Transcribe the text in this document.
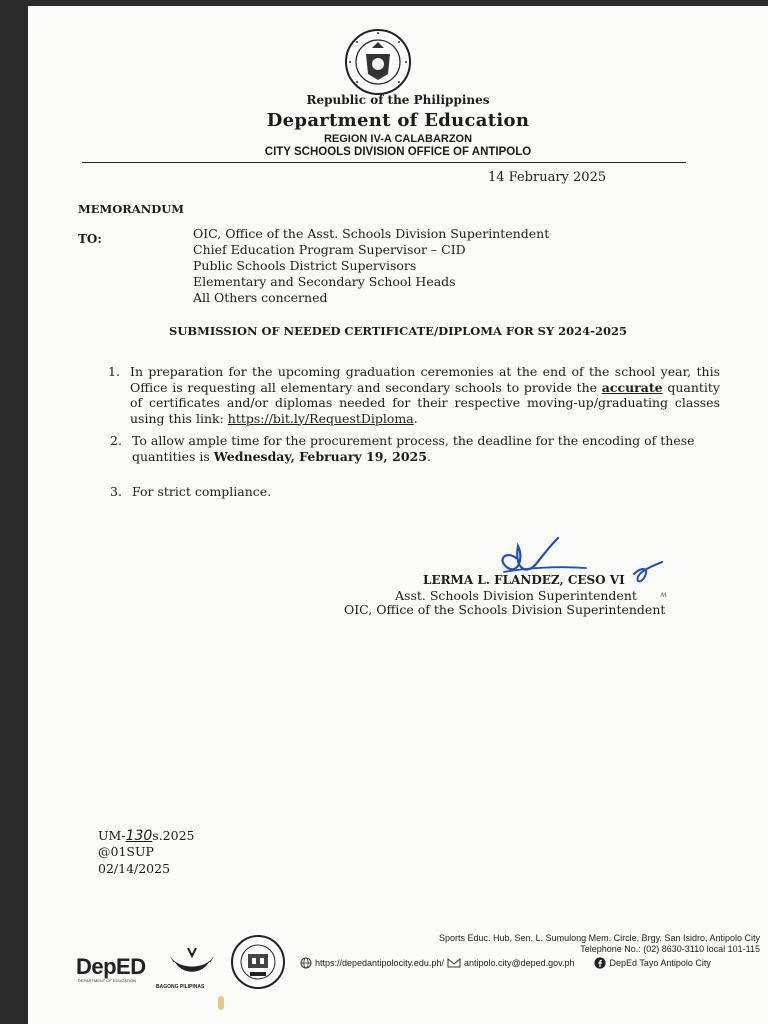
Republic of the Philippines
Department of Education
REGION IV-A CALABARZON
CITY SCHOOLS DIVISION OFFICE OF ANTIPOLO
14 February 2025
MEMORANDUM
TO:	OIC, Office of the Asst. Schools Division Superintendent
Chief Education Program Supervisor – CID
Public Schools District Supervisors
Elementary and Secondary School Heads
All Others concerned
SUBMISSION OF NEEDED CERTIFICATE/DIPLOMA FOR SY 2024-2025
1. In preparation for the upcoming graduation ceremonies at the end of the school year, this Office is requesting all elementary and secondary schools to provide the accurate quantity of certificates and/or diplomas needed for their respective moving-up/graduating classes using this link: https://bit.ly/RequestDiploma.
2. To allow ample time for the procurement process, the deadline for the encoding of these quantities is Wednesday, February 19, 2025.
3. For strict compliance.
LERMA L. FLANDEZ, CESO VI
Asst. Schools Division Superintendent	ʍ
OIC, Office of the Schools Division Superintendent
UM-130s.2025
@01SUP
02/14/2025
DepED
DEPARTMENT OF EDUCATION
BAGONG PILIPINAS
Sports Educ. Hub, Sen. L. Sumulong Mem. Circle, Brgy. San Isidro, Antipolo City
Telephone No.: (02) 8630-3110 local 101-115
https://depedantipolocity.edu.ph/ antipolo.city@deped.gov.ph	DepEd Tayo Antipolo City
